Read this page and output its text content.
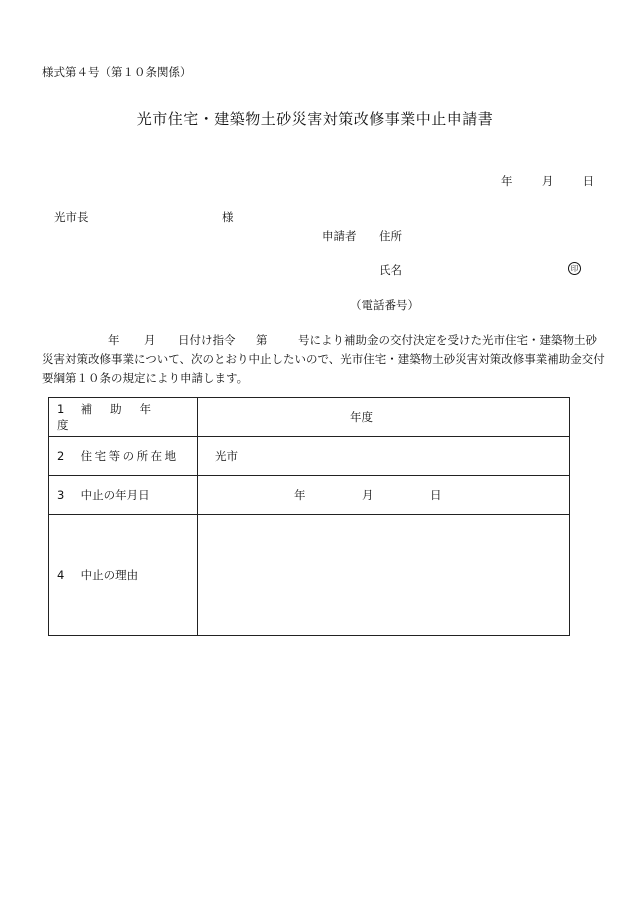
様式第４号（第１０条関係）
光市住宅・建築物土砂災害対策改修事業中止申請書
年	月	日
光市長	様
申請者 住所
氏名	印
（電話番号）
年 月 日付け指令 第	号により補助金の交付決定を受けた光市住宅・建築物土砂
災害対策改修事業について、次のとおり中止したいので、光市住宅・建築物土砂災害対策改修事業補助金交付
要綱第１０条の規定により申請します。
1 補助年度	年度

2 住宅等の所在地	光市

3 中止の年月日	年 月 日

4 中止の理由	
